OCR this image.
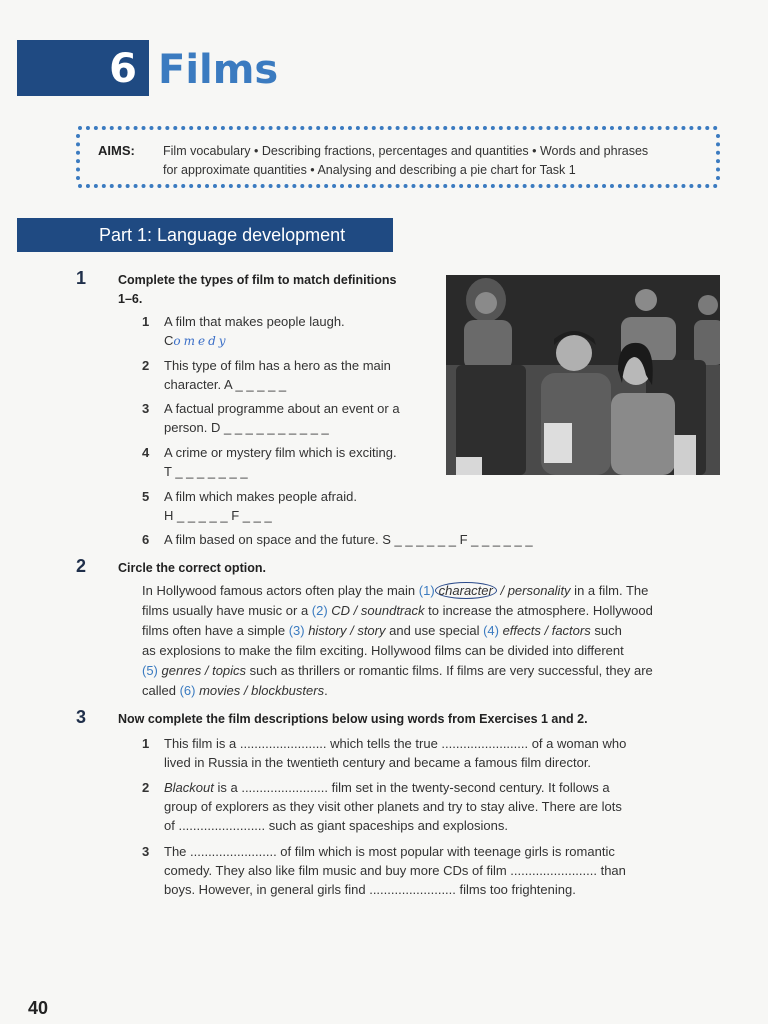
6 Films
AIMS: Film vocabulary • Describing fractions, percentages and quantities • Words and phrases
for approximate quantities • Analysing and describing a pie chart for Task 1
Part 1: Language development
1	Complete the types of film to match definitions
1–6.
1 A film that makes people laugh.
Comedy
2 This type of film has a hero as the main
character. A _ _ _ _ _
3 A factual programme about an event or a
person. D _ _ _ _ _ _ _ _ _ _
4 A crime or mystery film which is exciting.
T _ _ _ _ _ _ _
5 A film which makes people afraid.
H _ _ _ _ _ F _ _ _
6 A film based on space and the future. S _ _ _ _ _ _ F _ _ _ _ _ _
2	Circle the correct option.
In Hollywood famous actors often play the main (1) character / personality in a film. The
films usually have music or a (2) CD / soundtrack to increase the atmosphere. Hollywood
films often have a simple (3) history / story and use special (4) effects / factors such
as explosions to make the film exciting. Hollywood films can be divided into different
(5) genres / topics such as thrillers or romantic films. If films are very successful, they are
called (6) movies / blockbusters.
3	Now complete the film descriptions below using words from Exercises 1 and 2.
1 This film is a ........................ which tells the true ........................ of a woman who
lived in Russia in the twentieth century and became a famous film director.
2 Blackout is a ........................ film set in the twenty-second century. It follows a
group of explorers as they visit other planets and try to stay alive. There are lots
of ........................ such as giant spaceships and explosions.
3 The ........................ of film which is most popular with teenage girls is romantic
comedy. They also like film music and buy more CDs of film ........................ than
boys. However, in general girls find ........................ films too frightening.
40
